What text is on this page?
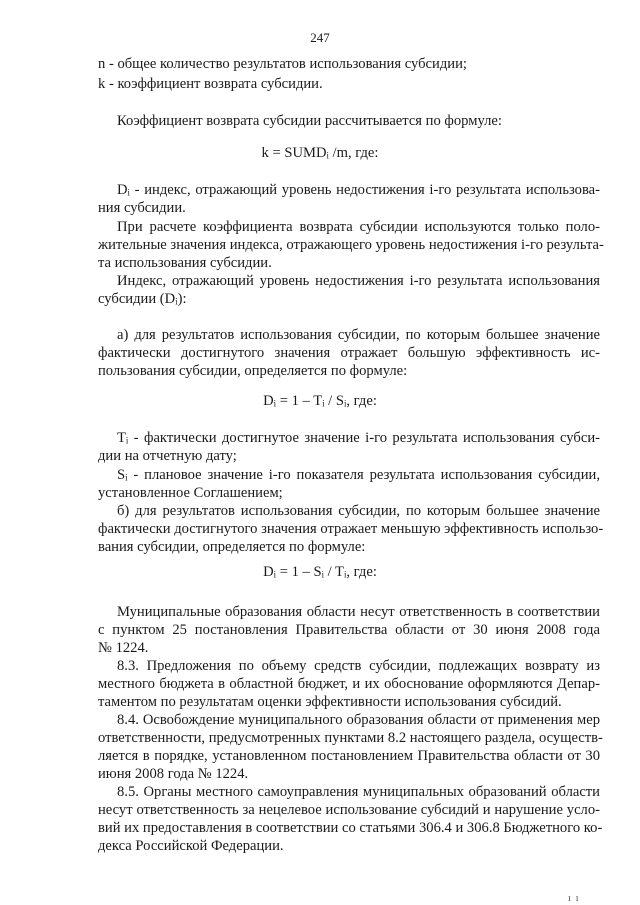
247
n - общее количество результатов использования субсидии;
k - коэффициент возврата субсидии.
Коэффициент возврата субсидии рассчитывается по формуле:
k = SUMDᵢ /m, где:
Dᵢ - индекс, отражающий уровень недостижения i-го результата использова-
ния субсидии.
При расчете коэффициента возврата субсидии используются только поло-
жительные значения индекса, отражающего уровень недостижения i-го результа-
та использования субсидии.
Индекс, отражающий уровень недостижения i-го результата использования
субсидии (Dᵢ):
а) для результатов использования субсидии, по которым большее значение
фактически достигнутого значения отражает большую эффективность ис-
пользования субсидии, определяется по формуле:
Dᵢ = 1 – Tᵢ / Sᵢ, где:
Tᵢ - фактически достигнутое значение i-го результата использования субси-
дии на отчетную дату;
Sᵢ - плановое значение i-го показателя результата использования субсидии,
установленное Соглашением;
б) для результатов использования субсидии, по которым большее значение
фактически достигнутого значения отражает меньшую эффективность использо-
вания субсидии, определяется по формуле:
Dᵢ = 1 – Sᵢ / Tᵢ, где:
Муниципальные образования области несут ответственность в соответствии
с пунктом 25 постановления Правительства области от 30 июня 2008 года
№ 1224.
8.3. Предложения по объему средств субсидии, подлежащих возврату из
местного бюджета в областной бюджет, и их обоснование оформляются Депар-
таментом по результатам оценки эффективности использования субсидий.
8.4. Освобождение муниципального образования области от применения мер
ответственности, предусмотренных пунктами 8.2 настоящего раздела, осуществ-
ляется в порядке, установленном постановлением Правительства области от 30
июня 2008 года № 1224.
8.5. Органы местного самоуправления муниципальных образований области
несут ответственность за нецелевое использование субсидий и нарушение усло-
вий их предоставления в соответствии со статьями 306.4 и 306.8 Бюджетного ко-
декса Российской Федерации.
ı  ı
